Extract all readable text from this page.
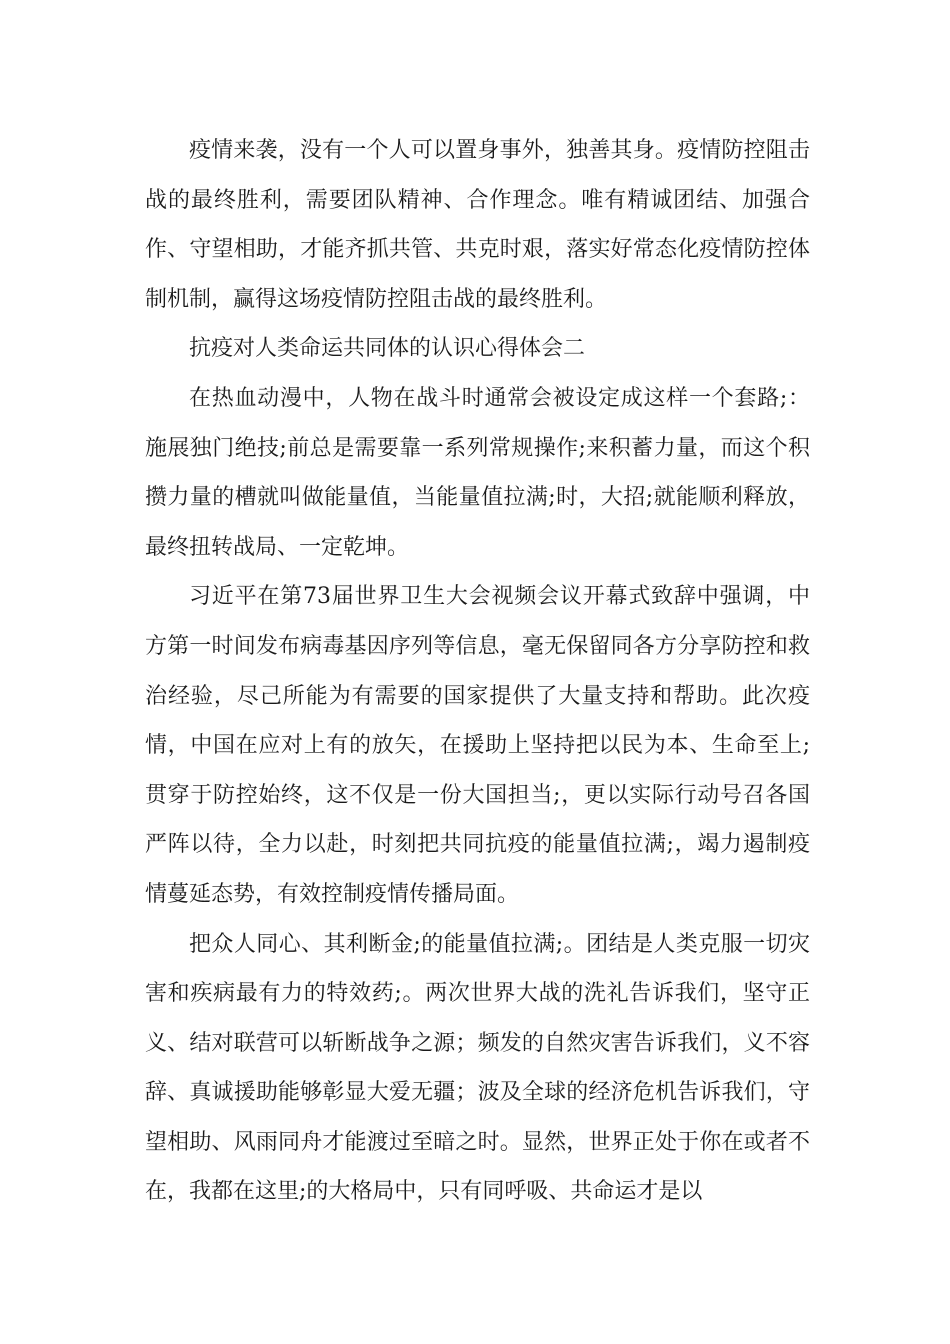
疫情来袭，没有一个人可以置身事外，独善其身。疫情防控阻击战的最终胜利，需要团队精神、合作理念。唯有精诚团结、加强合作、守望相助，才能齐抓共管、共克时艰，落实好常态化疫情防控体制机制，赢得这场疫情防控阻击战的最终胜利。

抗疫对人类命运共同体的认识心得体会二

在热血动漫中，人物在战斗时通常会被设定成这样一个套路;：施展独门绝技;前总是需要靠一系列常规操作;来积蓄力量，而这个积攒力量的槽就叫做能量值，当能量值拉满;时，大招;就能顺利释放，最终扭转战局、一定乾坤。

习近平在第73届世界卫生大会视频会议开幕式致辞中强调，中方第一时间发布病毒基因序列等信息，毫无保留同各方分享防控和救治经验，尽己所能为有需要的国家提供了大量支持和帮助。此次疫情，中国在应对上有的放矢，在援助上坚持把以民为本、生命至上;贯穿于防控始终，这不仅是一份大国担当;，更以实际行动号召各国严阵以待，全力以赴，时刻把共同抗疫的能量值拉满;，竭力遏制疫情蔓延态势，有效控制疫情传播局面。

把众人同心、其利断金;的能量值拉满;。团结是人类克服一切灾害和疾病最有力的特效药;。两次世界大战的洗礼告诉我们，坚守正义、结对联营可以斩断战争之源；频发的自然灾害告诉我们，义不容辞、真诚援助能够彰显大爱无疆；波及全球的经济危机告诉我们，守望相助、风雨同舟才能渡过至暗之时。显然，世界正处于你在或者不在，我都在这里;的大格局中，只有同呼吸、共命运才是以
